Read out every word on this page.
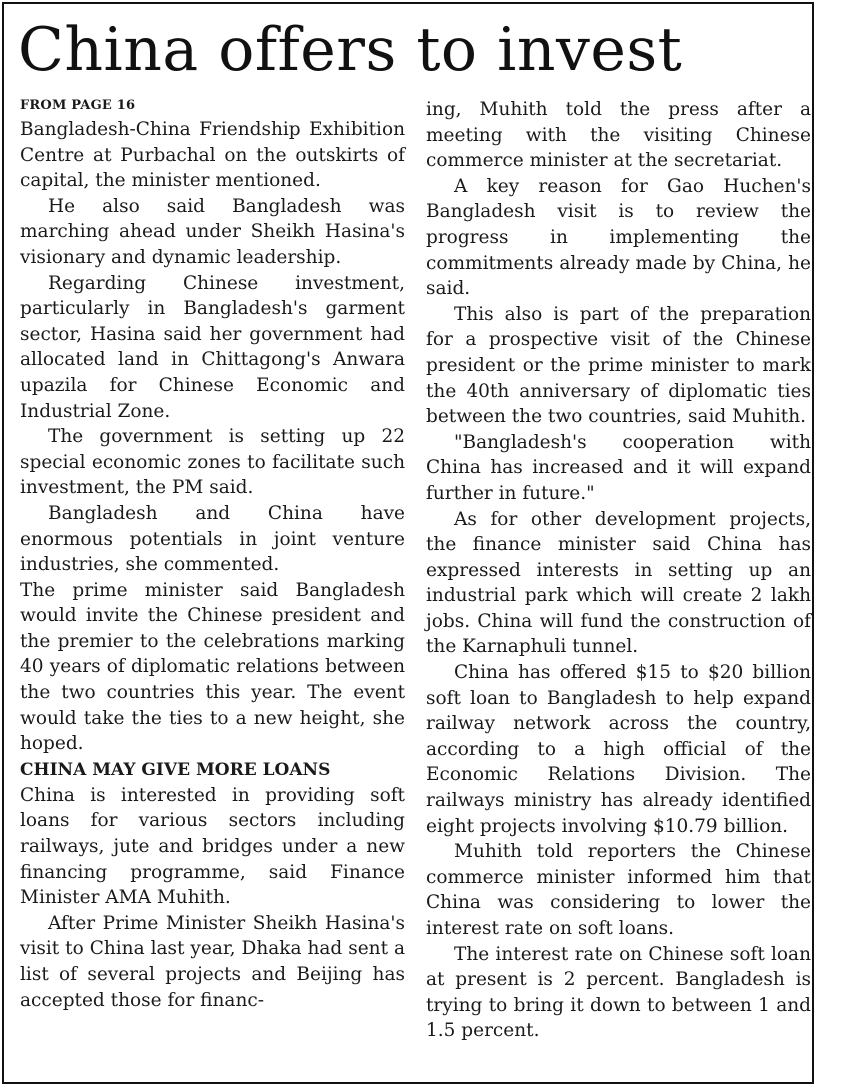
China offers to invest
FROM PAGE 16

Bangladesh-China Friendship Exhibition Centre at Purbachal on the outskirts of capital, the minister mentioned.

He also said Bangladesh was marching ahead under Sheikh Hasina's visionary and dynamic leadership.

Regarding Chinese investment, particularly in Bangladesh's garment sector, Hasina said her government had allocated land in Chittagong's Anwara upazila for Chinese Economic and Industrial Zone.

The government is setting up 22 special economic zones to facilitate such investment, the PM said.

Bangladesh and China have enormous potentials in joint venture industries, she commented.

The prime minister said Bangladesh would invite the Chinese president and the premier to the celebrations marking 40 years of diplomatic relations between the two countries this year. The event would take the ties to a new height, she hoped.

CHINA MAY GIVE MORE LOANS

China is interested in providing soft loans for various sectors including railways, jute and bridges under a new financing programme, said Finance Minister AMA Muhith.

After Prime Minister Sheikh Hasina's visit to China last year, Dhaka had sent a list of several projects and Beijing has accepted those for financ-

ing, Muhith told the press after a meeting with the visiting Chinese commerce minister at the secretariat.

A key reason for Gao Huchen's Bangladesh visit is to review the progress in implementing the commitments already made by China, he said.

This also is part of the preparation for a prospective visit of the Chinese president or the prime minister to mark the 40th anniversary of diplomatic ties between the two countries, said Muhith.

"Bangladesh's cooperation with China has increased and it will expand further in future."

As for other development projects, the finance minister said China has expressed interests in setting up an industrial park which will create 2 lakh jobs. China will fund the construction of the Karnaphuli tunnel.

China has offered $15 to $20 billion soft loan to Bangladesh to help expand railway network across the country, according to a high official of the Economic Relations Division. The railways ministry has already identified eight projects involving $10.79 billion.

Muhith told reporters the Chinese commerce minister informed him that China was considering to lower the interest rate on soft loans.

The interest rate on Chinese soft loan at present is 2 percent. Bangladesh is trying to bring it down to between 1 and 1.5 percent.
